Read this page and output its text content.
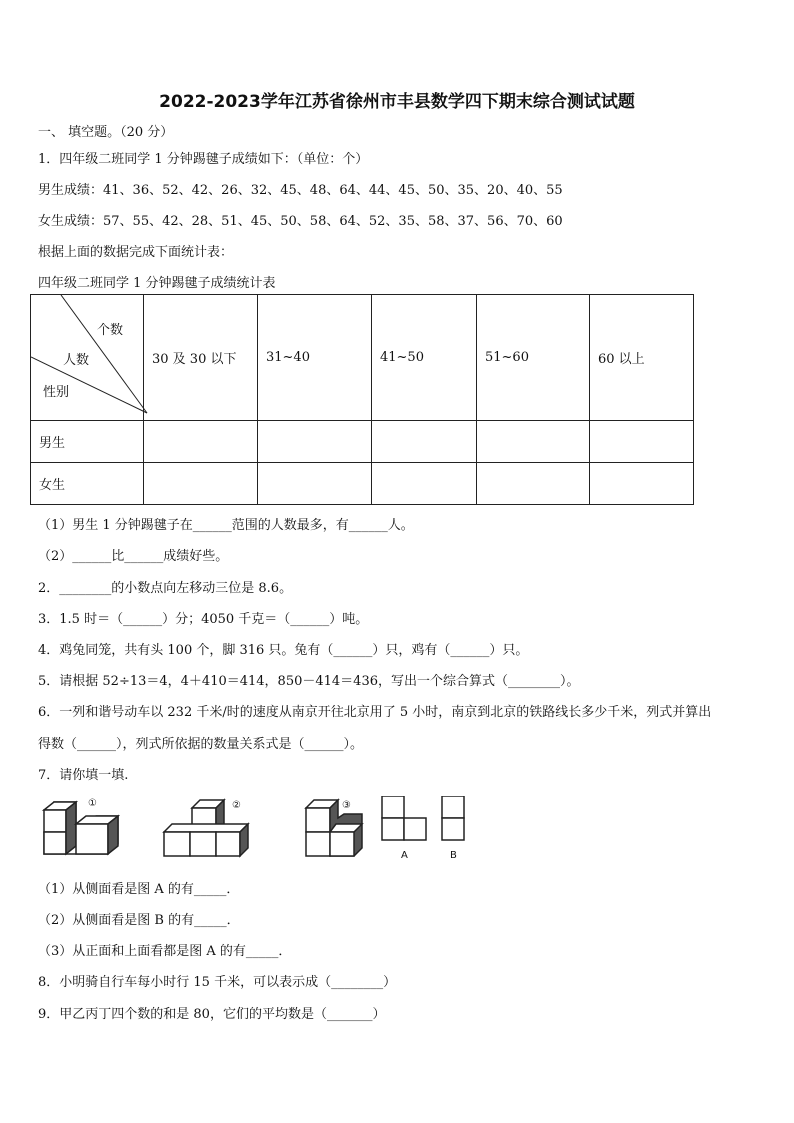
2022-2023学年江苏省徐州市丰县数学四下期末综合测试试题
一、 填空题。（20 分）
1．四年级二班同学 1 分钟踢毽子成绩如下：（单位：个）
男生成绩：41、36、52、42、26、32、45、48、64、44、45、50、35、20、40、55
女生成绩：57、55、42、28、51、45、50、58、64、52、35、58、37、56、70、60
根据上面的数据完成下面统计表：
四年级二班同学 1 分钟踢毽子成绩统计表
个数
人数
性别	30 及 30 以下	31~40	41~50	51~60	60 以上
男生					
女生					
（1）男生 1 分钟踢毽子在______范围的人数最多，有______人。
（2）______比______成绩好些。
2．________的小数点向左移动三位是 8.6。
3．1.5 时＝（______）分；4050 千克＝（______）吨。
4．鸡兔同笼，共有头 100 个，脚 316 只。兔有（______）只，鸡有（______）只。
5．请根据 52÷13＝4，4＋410＝414，850－414＝436，写出一个综合算式（________）。
6．一列和谐号动车以 232 千米/时的速度从南京开往北京用了 5 小时，南京到北京的铁路线长多少千米，列式并算出
得数（______），列式所依据的数量关系式是（______）。
7．请你填一填.
①	②	③
A	B
（1）从侧面看是图 A 的有_____．
（2）从侧面看是图 B 的有_____．
（3）从正面和上面看都是图 A 的有_____．
8．小明骑自行车每小时行 15 千米，可以表示成（________）
9．甲乙丙丁四个数的和是 80，它们的平均数是（_______）
